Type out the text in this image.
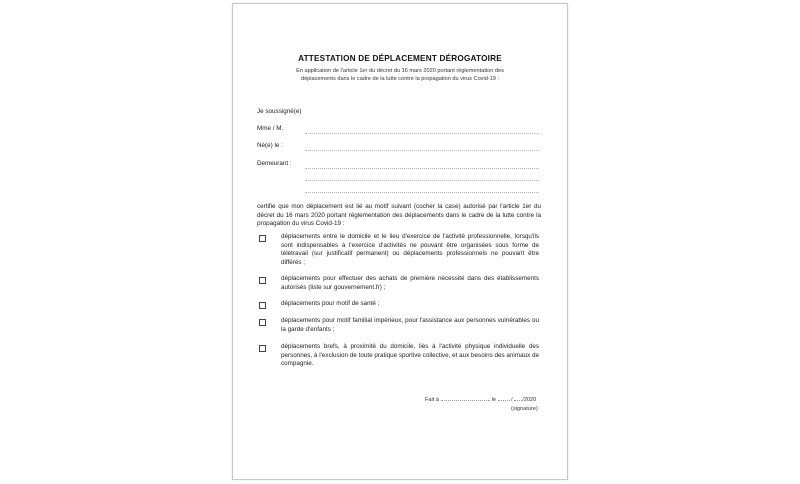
ATTESTATION DE DÉPLACEMENT DÉROGATOIRE
En application de l'article 1er du décret du 16 mars 2020 portant réglementation des
déplacements dans le cadre de la lutte contre la propagation du virus Covid-19 :
Je soussigné(e)
Mme / M.
Né(e) le :
Demeurant :
certifie que mon déplacement est lié au motif suivant (cocher la case) autorisé par l'article 1er du décret du 16 mars 2020 portant réglementation des déplacements dans le cadre de la lutte contre la propagation du virus Covid-19 :
déplacements entre le domicile et le lieu d'exercice de l'activité professionnelle, lorsqu'ils sont indispensables à l'exercice d'activités ne pouvant être organisées sous forme de télétravail (sur justificatif permanent) ou déplacements professionnels ne pouvant être différés ;
déplacements pour effectuer des achats de première nécessité dans des établissements autorisés (liste sur gouvernement.fr) ;
déplacements pour motif de santé ;
déplacements pour motif familial impérieux, pour l'assistance aux personnes vulnérables ou la garde d'enfants ;
déplacements brefs, à proximité du domicile, liés à l'activité physique individuelle des personnes, à l'exclusion de toute pratique sportive collective, et aux besoins des animaux de compagnie.
Fait à	, le	/ /2020
(signature)
